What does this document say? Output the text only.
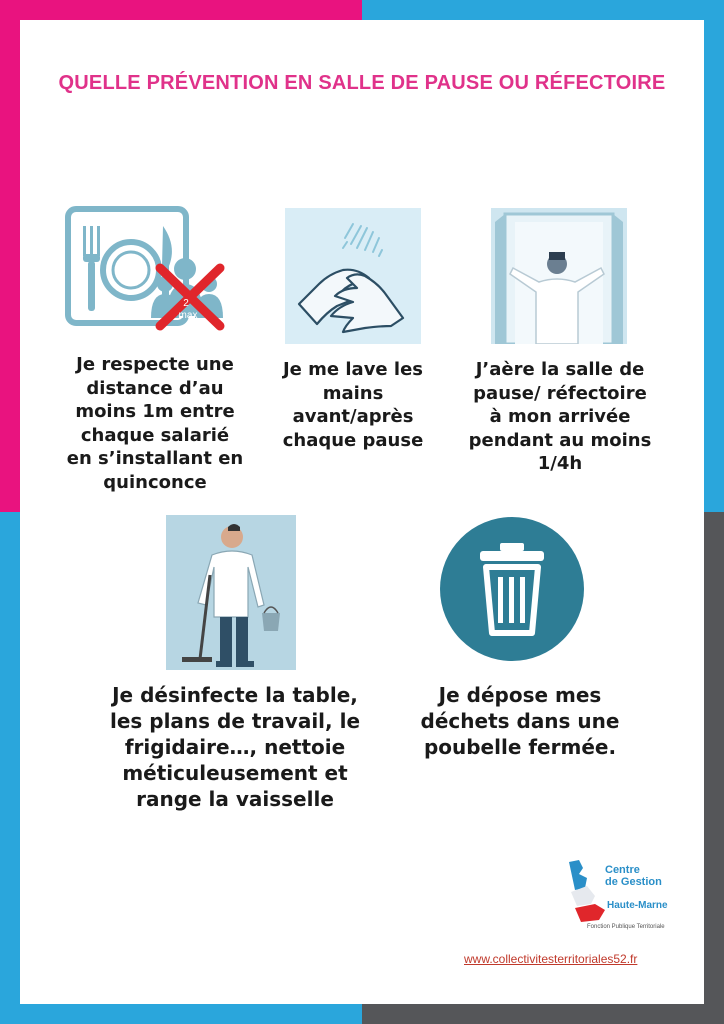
QUELLE PRÉVENTION EN SALLE DE PAUSE OU RÉFECTOIRE
2
max
Je respecte une
distance d’au
moins 1m entre
chaque salarié
en s’installant en
quinconce
Je me lave les
mains
avant/après
chaque pause
J’aère la salle de
pause/ réfectoire
à mon arrivée
pendant au moins
1/4h
Je désinfecte la table,
les plans de travail, le
frigidaire…, nettoie
méticuleusement et
range la vaisselle
Je dépose mes
déchets dans une
poubelle fermée.
Centre
de Gestion
Haute-Marne
Fonction Publique Territoriale
www.collectivitesterritoriales52.fr
